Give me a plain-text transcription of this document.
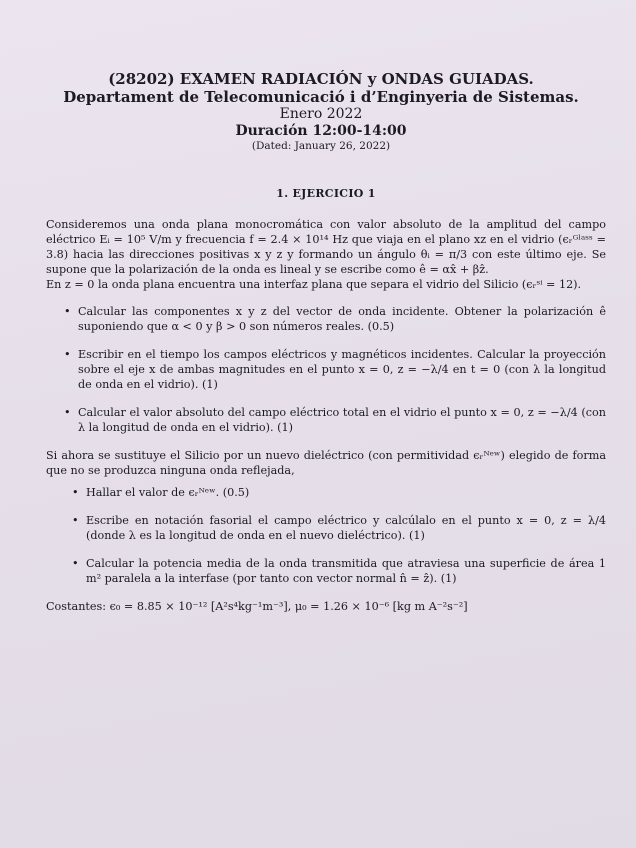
(28202) EXAMEN RADIACIÓN y ONDAS GUIADAS.
Departament de Telecomunicació i d’Enginyeria de Sistemas.
Enero 2022
Duración 12:00-14:00
(Dated: January 26, 2022)
1. EJERCICIO 1
Consideremos una onda plana monocromática con valor absoluto de la amplitud del campo eléctrico Eᵢ = 10⁵ V/m y frecuencia f = 2.4 × 10¹⁴ Hz que viaja en el plano xz en el vidrio (ϵᵣᴳˡᵃˢˢ = 3.8) hacia las direcciones positivas x y z y formando un ángulo θᵢ = π/3 con este último eje. Se supone que la polarización de la onda es lineal y se escribe como ê = αx̂ + βẑ.
En z = 0 la onda plana encuentra una interfaz plana que separa el vidrio del Silicio (ϵᵣˢⁱ = 12).
• Calcular las componentes x y z del vector de onda incidente. Obtener la polarización ê suponiendo que α < 0 y β > 0 son números reales. (0.5)
• Escribir en el tiempo los campos eléctricos y magnéticos incidentes. Calcular la proyección sobre el eje x de ambas magnitudes en el punto x = 0, z = −λ/4 en t = 0 (con λ la longitud de onda en el vidrio). (1)
• Calcular el valor absoluto del campo eléctrico total en el vidrio el punto x = 0, z = −λ/4 (con λ la longitud de onda en el vidrio). (1)
Si ahora se sustituye el Silicio por un nuevo dieléctrico (con permitividad ϵᵣᴺᵉʷ) elegido de forma que no se produzca ninguna onda reflejada,
• Hallar el valor de ϵᵣᴺᵉʷ. (0.5)
• Escribe en notación fasorial el campo eléctrico y calcúlalo en el punto x = 0, z = λ/4 (donde λ es la longitud de onda en el nuevo dieléctrico). (1)
• Calcular la potencia media de la onda transmitida que atraviesa una superficie de área 1 m² paralela a la interfase (por tanto con vector normal n̂ = ẑ). (1)
Costantes: ϵ₀ = 8.85 × 10⁻¹² [A²s⁴kg⁻¹m⁻³], μ₀ = 1.26 × 10⁻⁶ [kg m A⁻²s⁻²]
